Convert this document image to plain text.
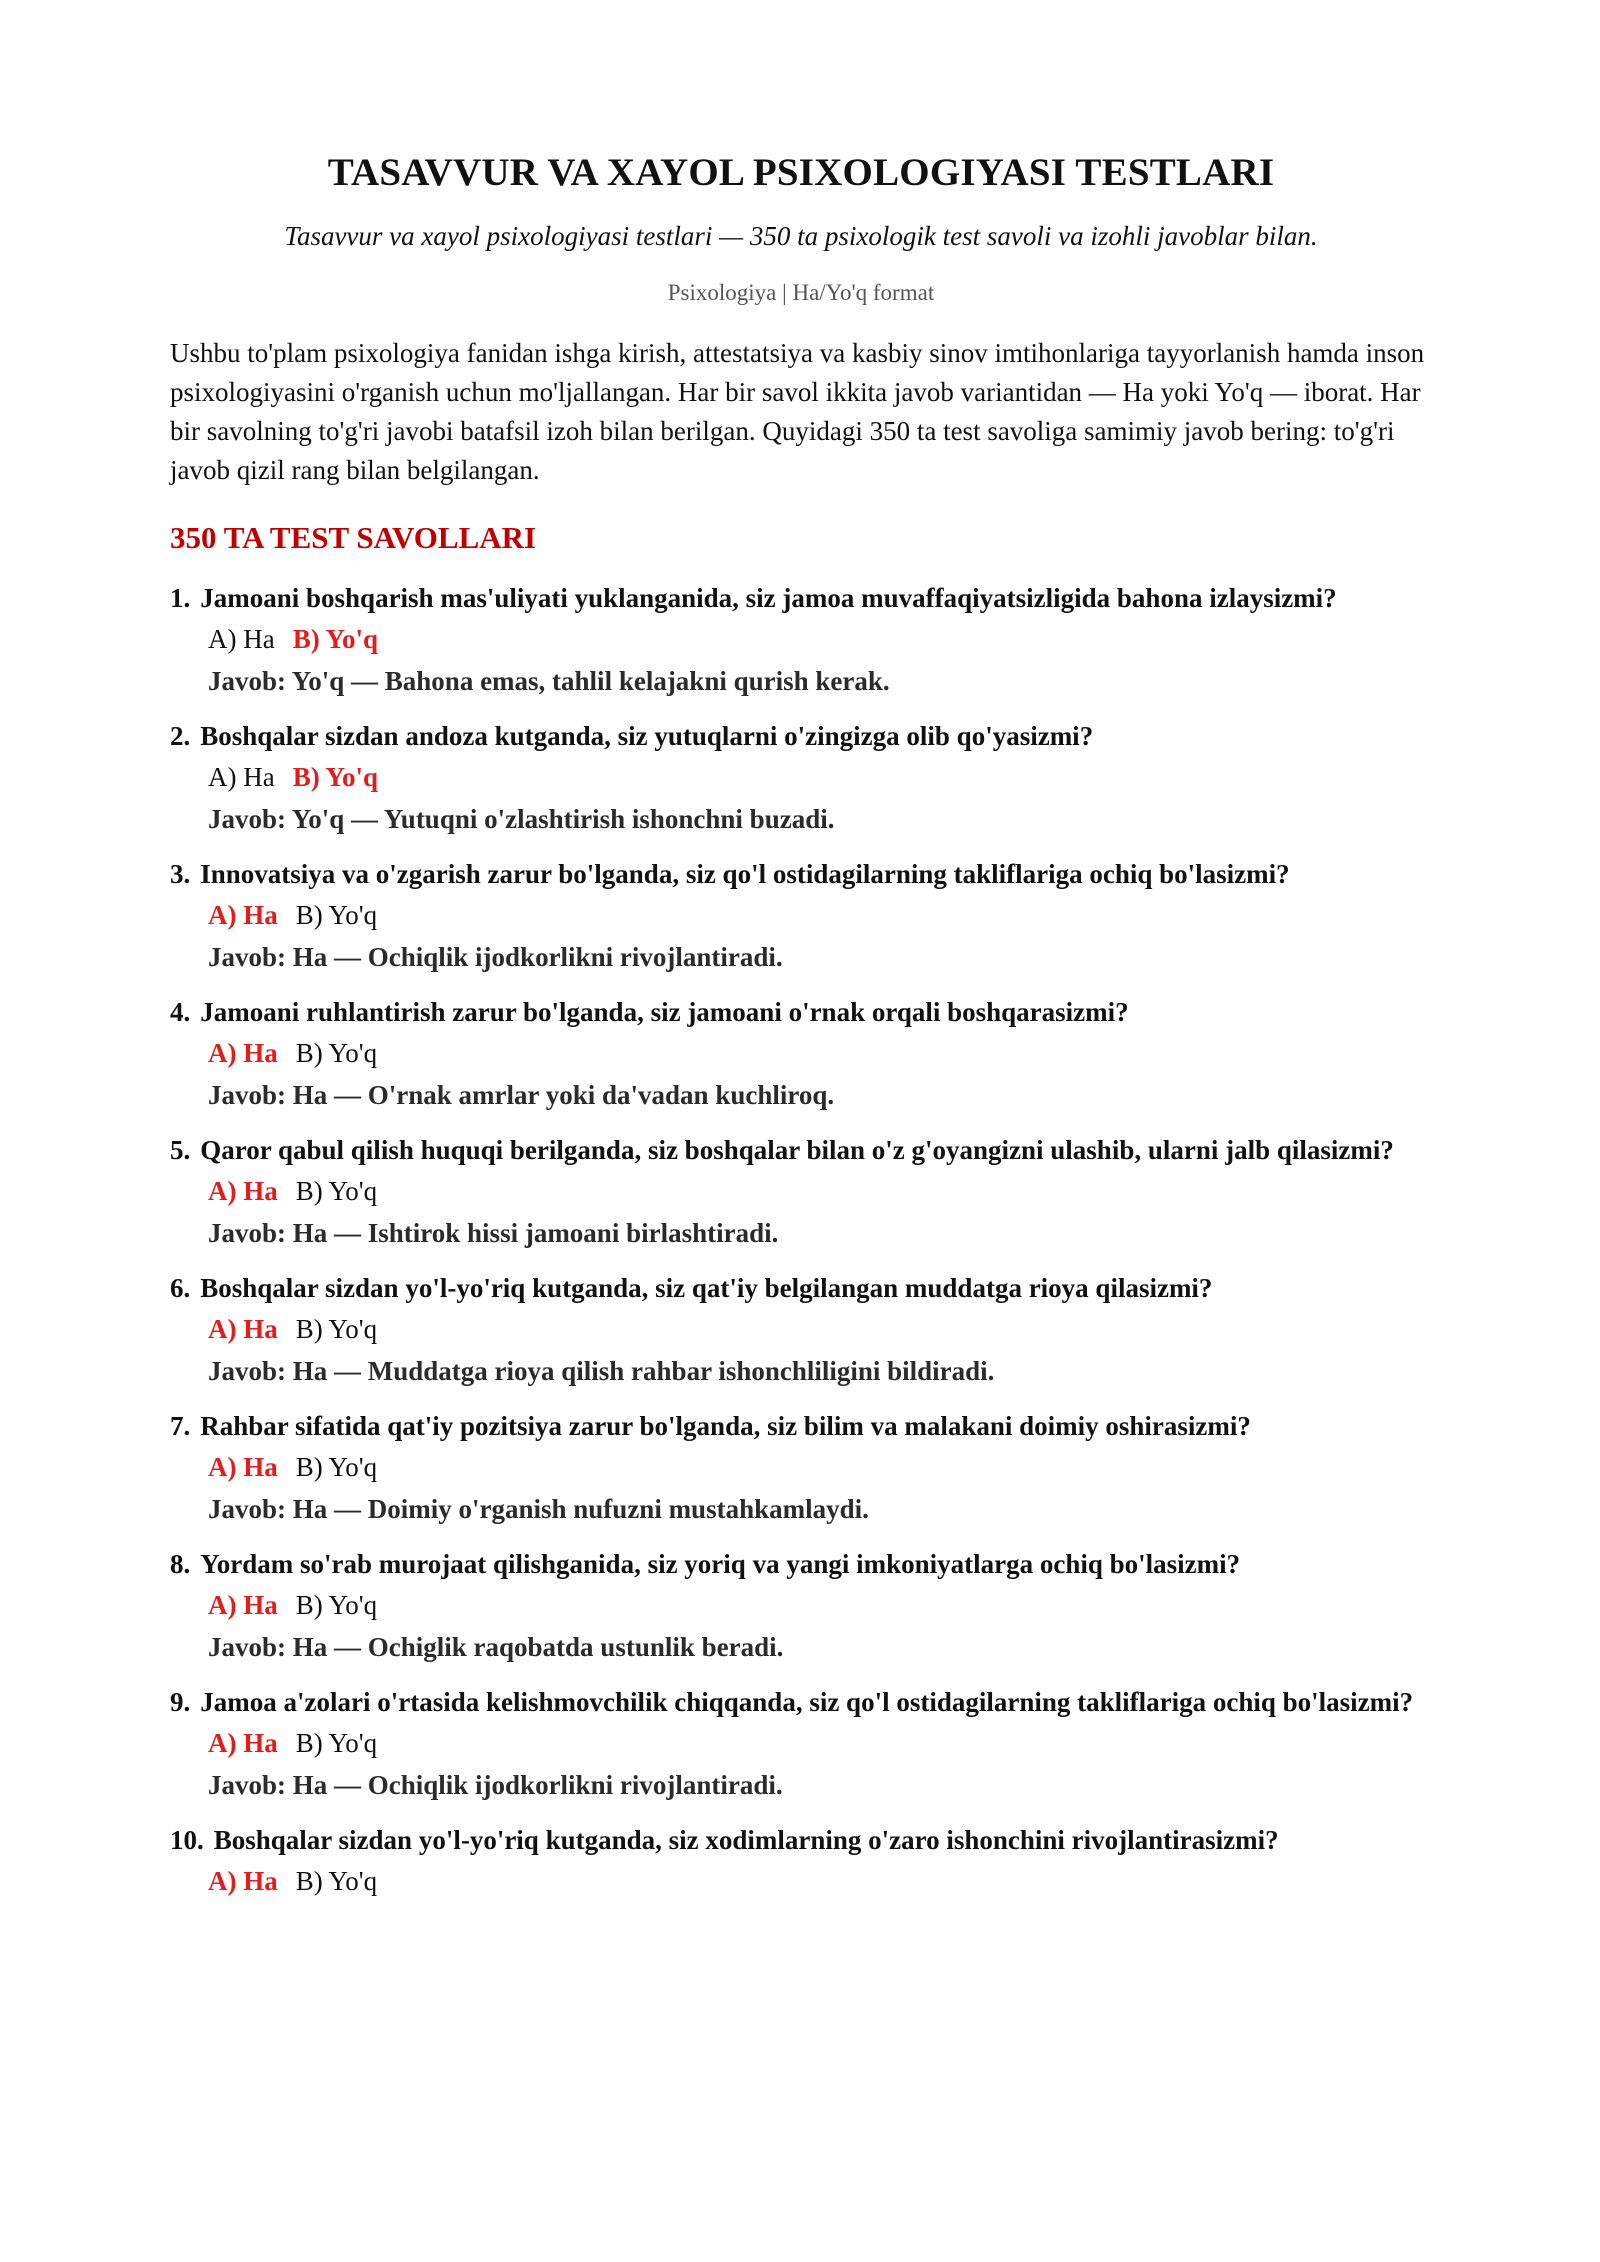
TASAVVUR VA XAYOL PSIXOLOGIYASI TESTLARI

Tasavvur va xayol psixologiyasi testlari — 350 ta psixologik test savoli va izohli javoblar bilan.

Psixologiya | Ha/Yo'q format

Ushbu to'plam psixologiya fanidan ishga kirish, attestatsiya va kasbiy sinov imtihonlariga tayyorlanish hamda inson psixologiyasini o'rganish uchun mo'ljallangan. Har bir savol ikkita javob variantidan — Ha yoki Yo'q — iborat. Har bir savolning to'g'ri javobi batafsil izoh bilan berilgan. Quyidagi 350 ta test savoliga samimiy javob bering: to'g'ri javob qizil rang bilan belgilangan.

350 TA TEST SAVOLLARI
1. Jamoani boshqarish mas'uliyati yuklanganida, siz jamoa muvaffaqiyatsizligida bahona izlaysizmi?
A) Ha B) Yo'q
Javob: Yo'q — Bahona emas, tahlil kelajakni qurish kerak.
2. Boshqalar sizdan andoza kutganda, siz yutuqlarni o'zingizga olib qo'yasizmi?
A) Ha B) Yo'q
Javob: Yo'q — Yutuqni o'zlashtirish ishonchni buzadi.
3. Innovatsiya va o'zgarish zarur bo'lganda, siz qo'l ostidagilarning takliflariga ochiq bo'lasizmi?
A) Ha B) Yo'q
Javob: Ha — Ochiqlik ijodkorlikni rivojlantiradi.
4. Jamoani ruhlantirish zarur bo'lganda, siz jamoani o'rnak orqali boshqarasizmi?
A) Ha B) Yo'q
Javob: Ha — O'rnak amrlar yoki da'vadan kuchliroq.
5. Qaror qabul qilish huquqi berilganda, siz boshqalar bilan o'z g'oyangizni ulashib, ularni jalb qilasizmi?
A) Ha B) Yo'q
Javob: Ha — Ishtirok hissi jamoani birlashtiradi.
6. Boshqalar sizdan yo'l-yo'riq kutganda, siz qat'iy belgilangan muddatga rioya qilasizmi?
A) Ha B) Yo'q
Javob: Ha — Muddatga rioya qilish rahbar ishonchliligini bildiradi.
7. Rahbar sifatida qat'iy pozitsiya zarur bo'lganda, siz bilim va malakani doimiy oshirasizmi?
A) Ha B) Yo'q
Javob: Ha — Doimiy o'rganish nufuzni mustahkamlaydi.
8. Yordam so'rab murojaat qilishganida, siz yoriq va yangi imkoniyatlarga ochiq bo'lasizmi?
A) Ha B) Yo'q
Javob: Ha — Ochiglik raqobatda ustunlik beradi.
9. Jamoa a'zolari o'rtasida kelishmovchilik chiqqanda, siz qo'l ostidagilarning takliflariga ochiq bo'lasizmi?
A) Ha B) Yo'q
Javob: Ha — Ochiqlik ijodkorlikni rivojlantiradi.
10. Boshqalar sizdan yo'l-yo'riq kutganda, siz xodimlarning o'zaro ishonchini rivojlantirasizmi?
A) Ha B) Yo'q
